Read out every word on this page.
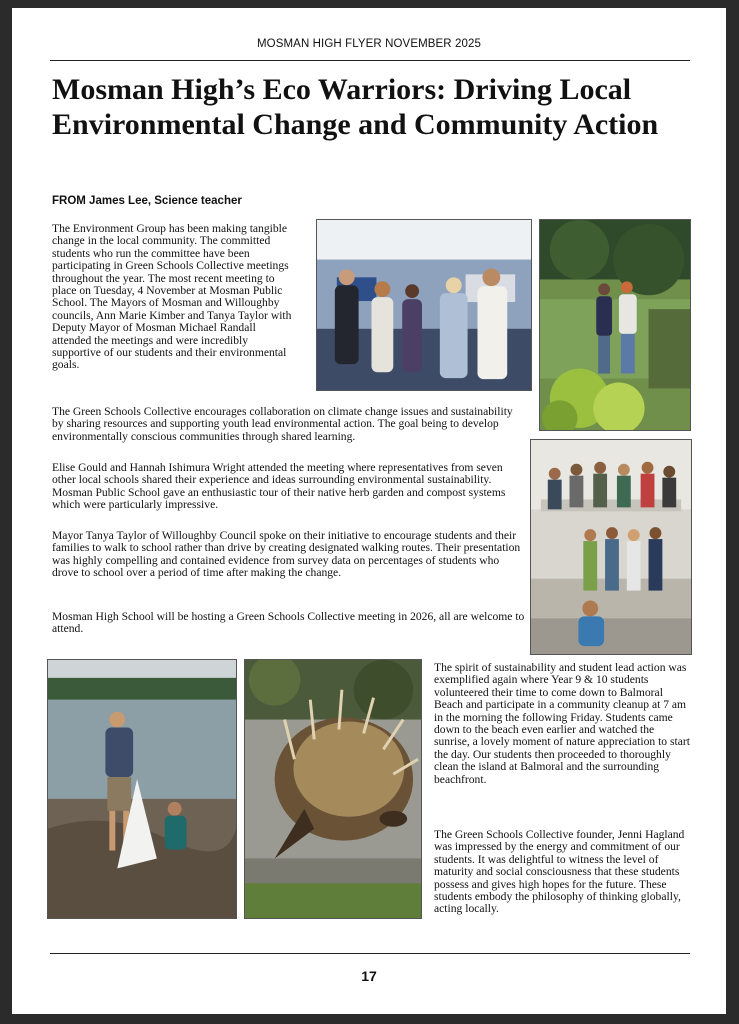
MOSMAN HIGH FLYER NOVEMBER 2025
Mosman High’s Eco Warriors: Driving Local Environmental Change and Community Action
FROM James Lee, Science teacher

The Environment Group has been making tangible change in the local community. The committed students who run the committee have been participating in Green Schools Collective meetings throughout the year. The most recent meeting to place on Tuesday, 4 November at Mosman Public School. The Mayors of Mosman and Willoughby councils, Ann Marie Kimber and Tanya Taylor with Deputy Mayor of Mosman Michael Randall attended the meetings and were incredibly supportive of our students and their environmental goals.

The Green Schools Collective encourages collaboration on climate change issues and sustainability by sharing resources and supporting youth lead environmental action. The goal being to develop environmentally conscious communities through shared learning.

Elise Gould and Hannah Ishimura Wright attended the meeting where representatives from seven other local schools shared their experience and ideas surrounding environmental sustainability. Mosman Public School gave an enthusiastic tour of their native herb garden and compost systems which were particularly impressive.

Mayor Tanya Taylor of Willoughby Council spoke on their initiative to encourage students and their families to walk to school rather than drive by creating designated walking routes. Their presentation was highly compelling and contained evidence from survey data on percentages of students who drove to school over a period of time after making the change.

Mosman High School will be hosting a Green Schools Collective meeting in 2026, all are welcome to attend.

The spirit of sustainability and student lead action was exemplified again where Year 9 & 10 students volunteered their time to come down to Balmoral Beach and participate in a community cleanup at 7 am in the morning the following Friday. Students came down to the beach even earlier and watched the sunrise, a lovely moment of nature appreciation to start the day. Our students then proceeded to thoroughly clean the island at Balmoral and the surrounding beachfront.

The Green Schools Collective founder, Jenni Hagland was impressed by the energy and commitment of our students. It was delightful to witness the level of maturity and social consciousness that these students possess and gives high hopes for the future. These students embody the philosophy of thinking globally, acting locally.

17
